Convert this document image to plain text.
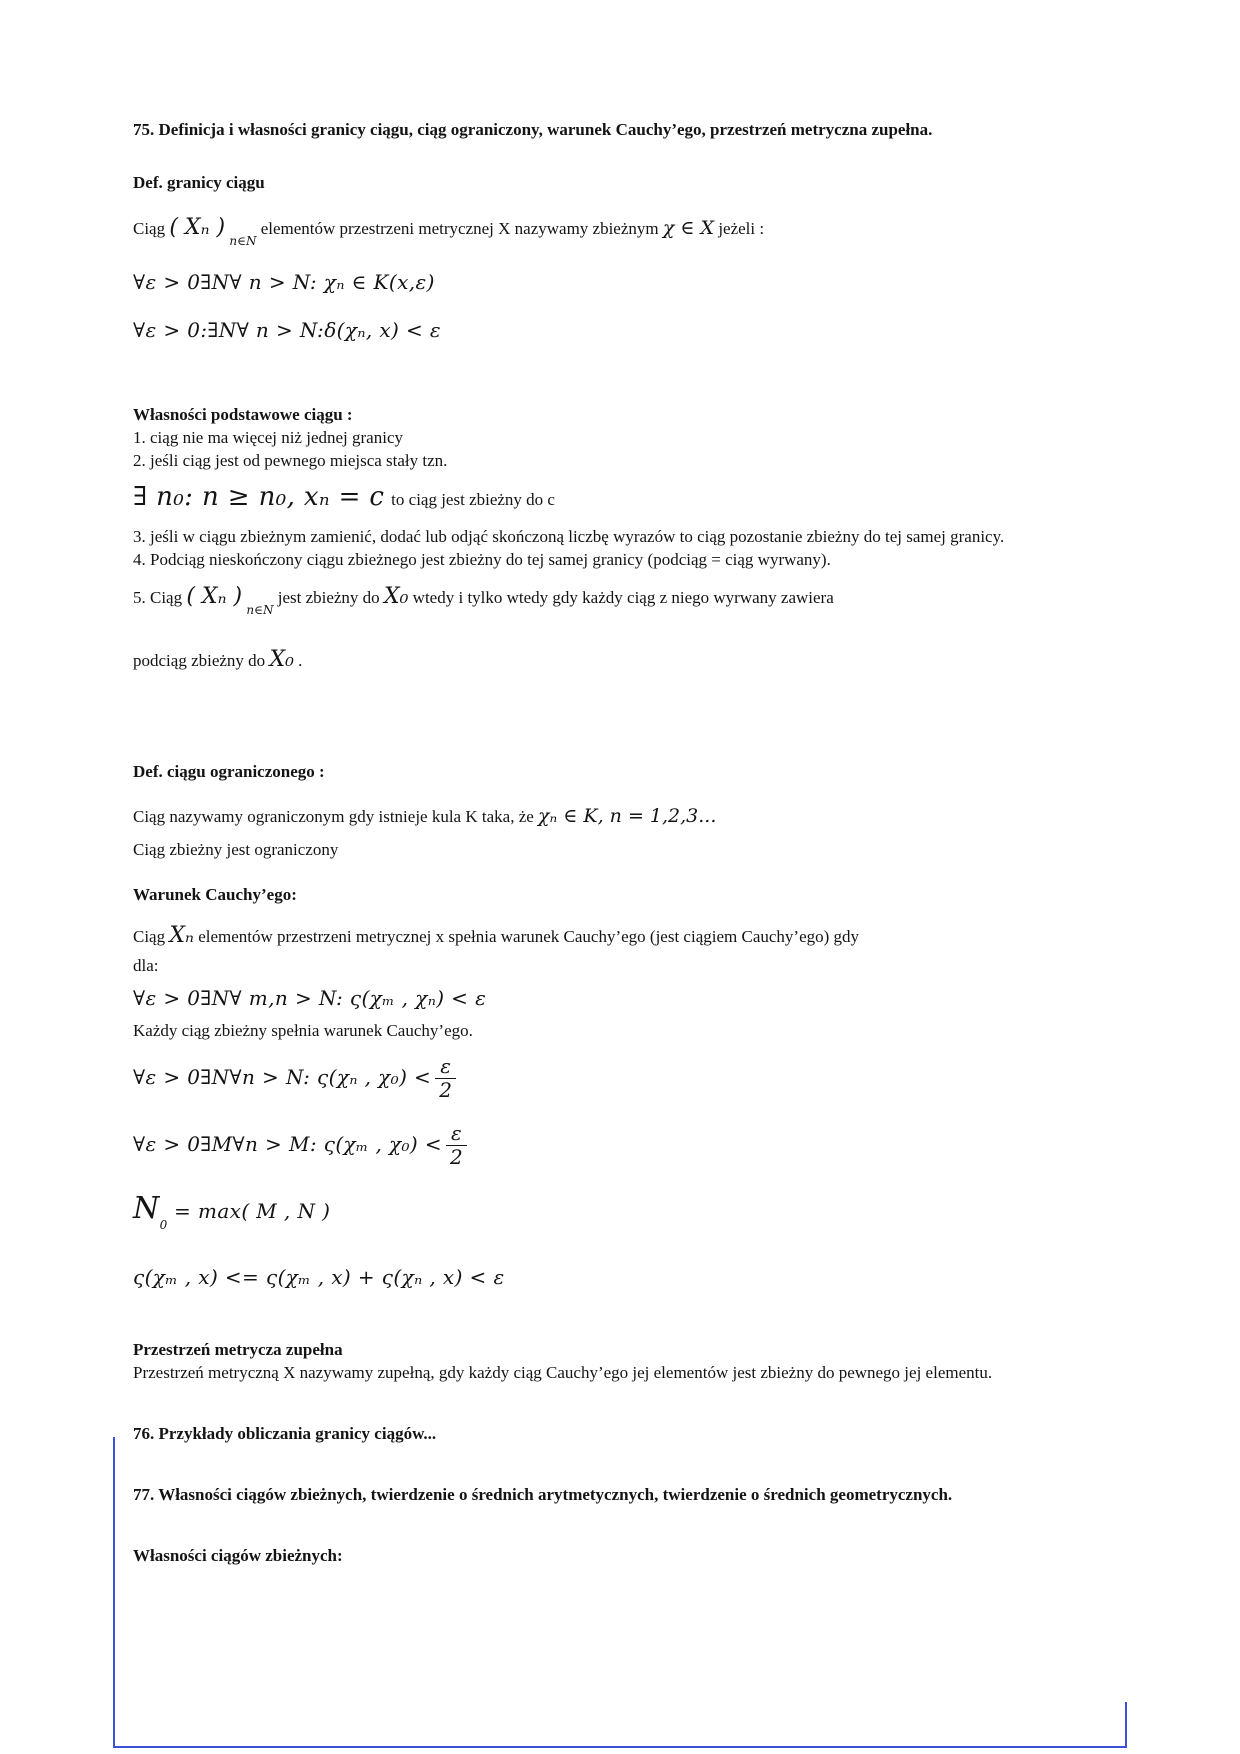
75. Definicja i własności granicy ciągu, ciąg ograniczony, warunek Cauchy’ego, przestrzeń metryczna zupełna.

Def. granicy ciągu

Ciąg ( Xₙ ) $_{n\in N}$ elementów przestrzeni metrycznej X nazywamy zbieżnym χ ∈ X jeżeli :

∀ε > 0∃N∀ n > N: χₙ ∈ K(x,ε)

∀ε > 0:∃N∀ n > N:δ(χₙ, x) < ε

Własności podstawowe ciągu :

1. ciąg nie ma więcej niż jednej granicy

2. jeśli ciąg jest od pewnego miejsca stały tzn.

∃ n₀: n ≥ n₀, xₙ = c to ciąg jest zbieżny do c

3. jeśli w ciągu zbieżnym zamienić, dodać lub odjąć skończoną liczbę wyrazów to ciąg pozostanie zbieżny do tej samej granicy.

4. Podciąg nieskończony ciągu zbieżnego jest zbieżny do tej samej granicy (podciąg = ciąg wyrwany).

5. Ciąg ( Xₙ ) $_{n\in N}$ jest zbieżny do X₀ wtedy i tylko wtedy gdy każdy ciąg z niego wyrwany zawiera

podciąg zbieżny do X₀ .

Def. ciągu ograniczonego :

Ciąg nazywamy ograniczonym gdy istnieje kula K taka, że χₙ ∈ K, n = 1,2,3...

Ciąg zbieżny jest ograniczony

Warunek Cauchy’ego:

Ciąg Xₙ elementów przestrzeni metrycznej x spełnia warunek Cauchy’ego (jest ciągiem Cauchy’ego) gdy

dla:

∀ε > 0∃N∀ m,n > N: ς(χₘ , χₙ) < ε

Każdy ciąg zbieżny spełnia warunek Cauchy’ego.

∀ε > 0∃N∀n > N: ς(χₙ , $\chi_0) < \frac{\varepsilon}{2}$

∀ε > 0∃M∀n > M: ς(χₘ , $\chi_0) < \frac{\varepsilon}{2}$

$N_0 = \max$( M , N )

ς(χₘ , x) <= ς(χₘ , x) + ς(χₙ , x) < ε

Przestrzeń metrycza zupełna

Przestrzeń metryczną X nazywamy zupełną, gdy każdy ciąg Cauchy’ego jej elementów jest zbieżny do pewnego jej elementu.

76. Przykłady obliczania granicy ciągów...

77. Własności ciągów zbieżnych, twierdzenie o średnich arytmetycznych, twierdzenie o średnich geometrycznych.

Własności ciągów zbieżnych:
